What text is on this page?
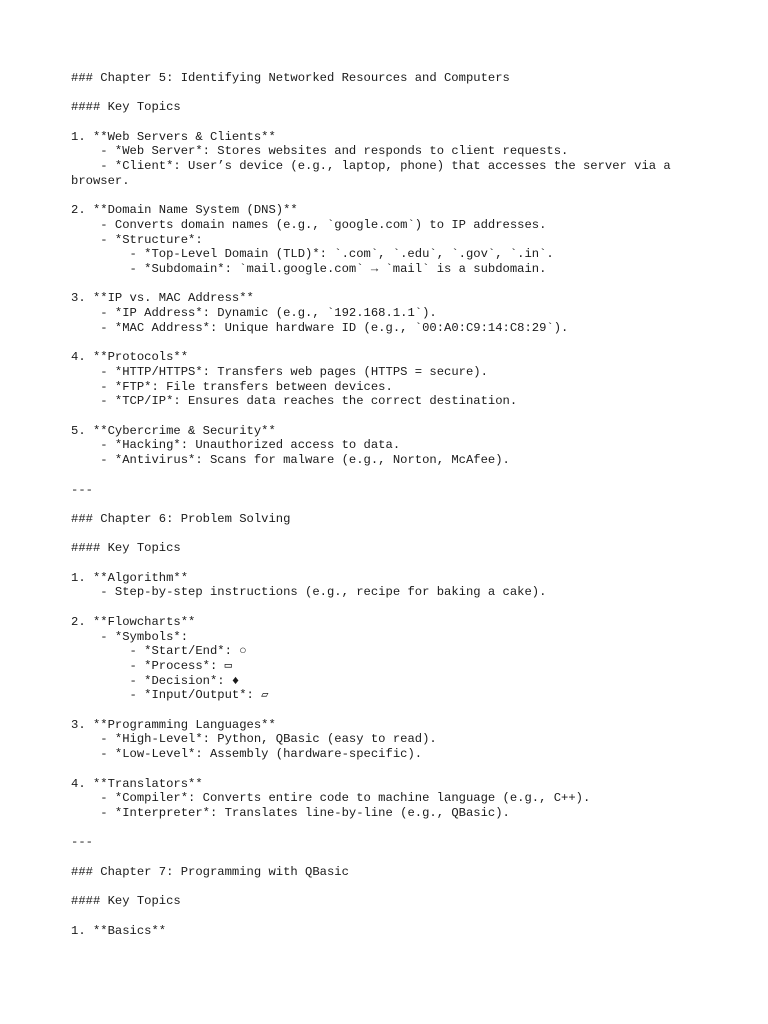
### Chapter 5: Identifying Networked Resources and Computers
#### Key Topics
1. **Web Servers & Clients**
- *Web Server*: Stores websites and responds to client requests.
- *Client*: User’s device (e.g., laptop, phone) that accesses the server via a browser.
2. **Domain Name System (DNS)**
- Converts domain names (e.g., `google.com`) to IP addresses.
- *Structure*:
- *Top-Level Domain (TLD)*: `.com`, `.edu`, `.gov`, `.in`.
- *Subdomain*: `mail.google.com` → `mail` is a subdomain.
3. **IP vs. MAC Address**
- *IP Address*: Dynamic (e.g., `192.168.1.1`).
- *MAC Address*: Unique hardware ID (e.g., `00:A0:C9:14:C8:29`).
4. **Protocols**
- *HTTP/HTTPS*: Transfers web pages (HTTPS = secure).
- *FTP*: File transfers between devices.
- *TCP/IP*: Ensures data reaches the correct destination.
5. **Cybercrime & Security**
- *Hacking*: Unauthorized access to data.
- *Antivirus*: Scans for malware (e.g., Norton, McAfee).
---
### Chapter 6: Problem Solving
#### Key Topics
1. **Algorithm**
- Step-by-step instructions (e.g., recipe for baking a cake).
2. **Flowcharts**
- *Symbols*:
- *Start/End*: ○
- *Process*: ▭
- *Decision*: ♦
- *Input/Output*: ▱
3. **Programming Languages**
- *High-Level*: Python, QBasic (easy to read).
- *Low-Level*: Assembly (hardware-specific).
4. **Translators**
- *Compiler*: Converts entire code to machine language (e.g., C++).
- *Interpreter*: Translates line-by-line (e.g., QBasic).
---
### Chapter 7: Programming with QBasic
#### Key Topics
1. **Basics**
